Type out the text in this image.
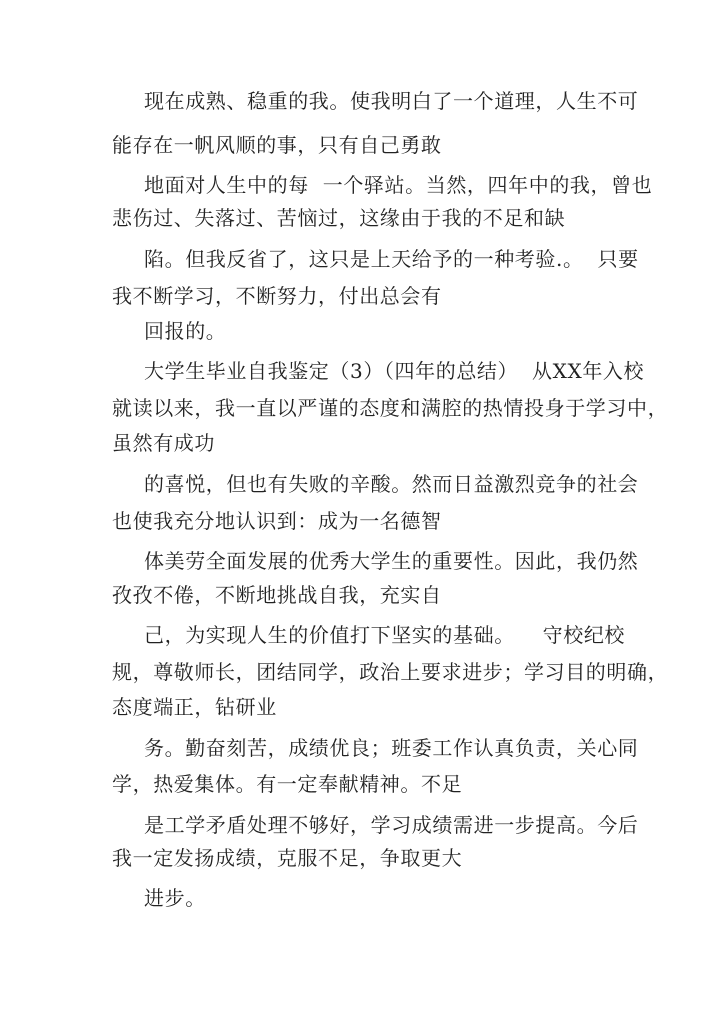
现在成熟、稳重的我。使我明白了一个道理，人生不可
能存在一帆风顺的事，只有自己勇敢
地面对人生中的每  一个驿站。当然，四年中的我，曾也
悲伤过、失落过、苦恼过，这缘由于我的不足和缺
陷。但我反省了，这只是上天给予的一种考验.。  只要
我不断学习，不断努力，付出总会有
回报的。
大学生毕业自我鉴定（3）（四年的总结）  从XX年入校
就读以来，我一直以严谨的态度和满腔的热情投身于学习中，
虽然有成功
的喜悦，但也有失败的辛酸。然而日益激烈竞争的社会
也使我充分地认识到：成为一名德智
体美劳全面发展的优秀大学生的重要性。因此，我仍然
孜孜不倦，不断地挑战自我，充实自
己，为实现人生的价值打下坚实的基础。    守校纪校
规，尊敬师长，团结同学，政治上要求进步；学习目的明确，
态度端正，钻研业
务。勤奋刻苦，成绩优良；班委工作认真负责，关心同
学，热爱集体。有一定奉献精神。不足
是工学矛盾处理不够好，学习成绩需进一步提高。今后
我一定发扬成绩，克服不足，争取更大
进步。
